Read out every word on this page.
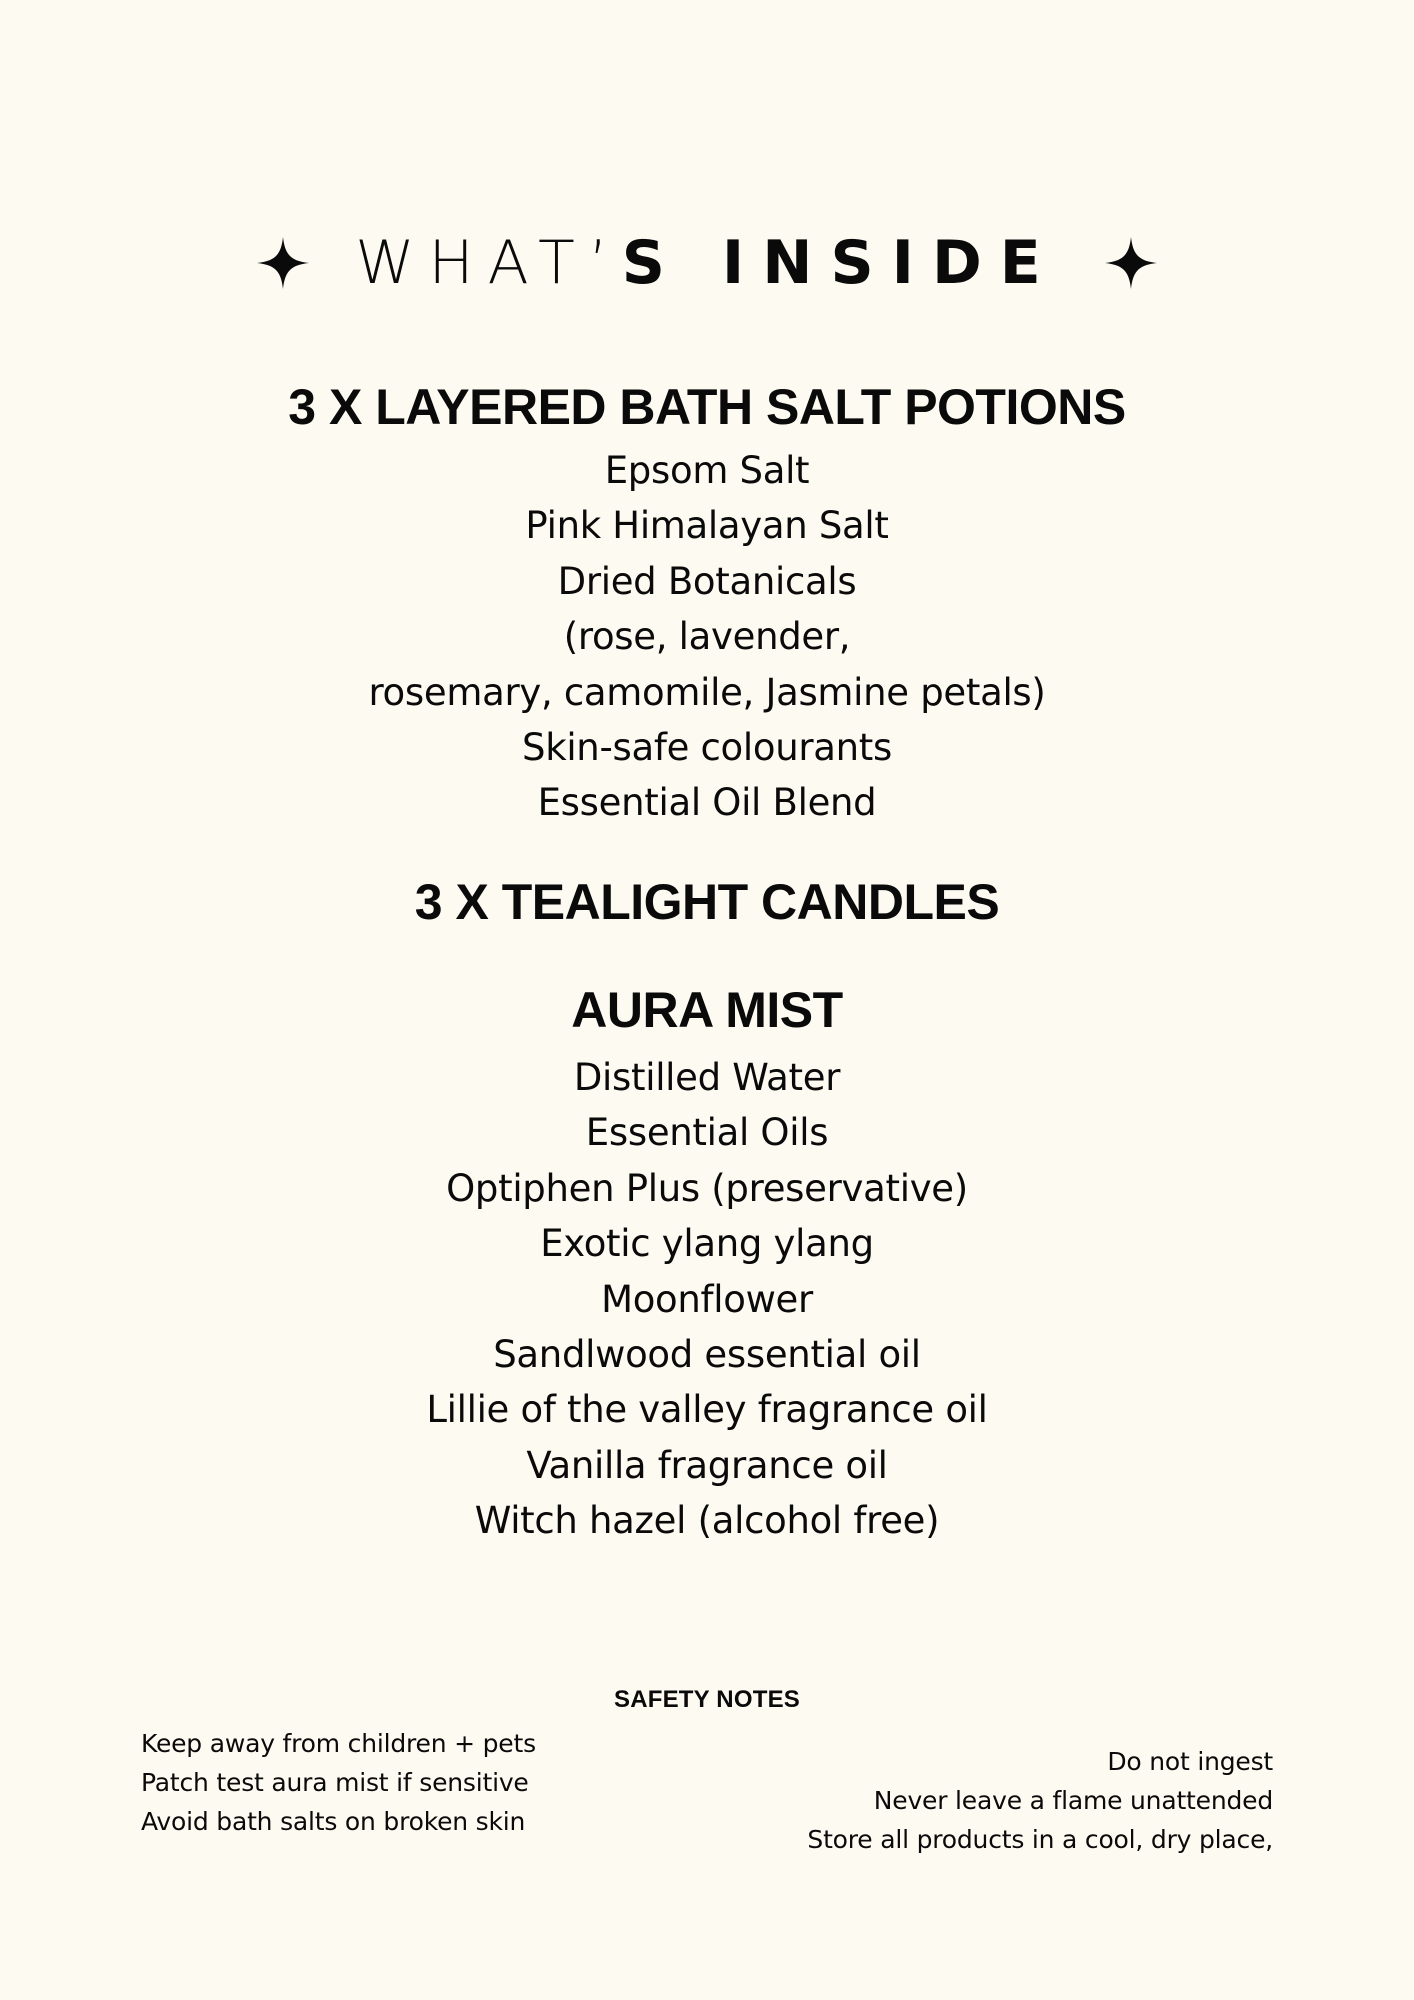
WHAT’ S INSIDE
3 X LAYERED BATH SALT POTIONS
Epsom Salt
Pink Himalayan Salt
Dried Botanicals
(rose, lavender,
rosemary, camomile, Jasmine petals)
Skin-safe colourants
Essential Oil Blend
3 X TEALIGHT CANDLES
AURA MIST
Distilled Water
Essential Oils
Optiphen Plus (preservative)
Exotic ylang ylang
Moonflower
Sandlwood essential oil
Lillie of the valley fragrance oil
Vanilla fragrance oil
Witch hazel (alcohol free)
SAFETY NOTES
Keep away from children + pets
Patch test aura mist if sensitive
Avoid bath salts on broken skin
Do not ingest
Never leave a flame unattended
Store all products in a cool, dry place,
